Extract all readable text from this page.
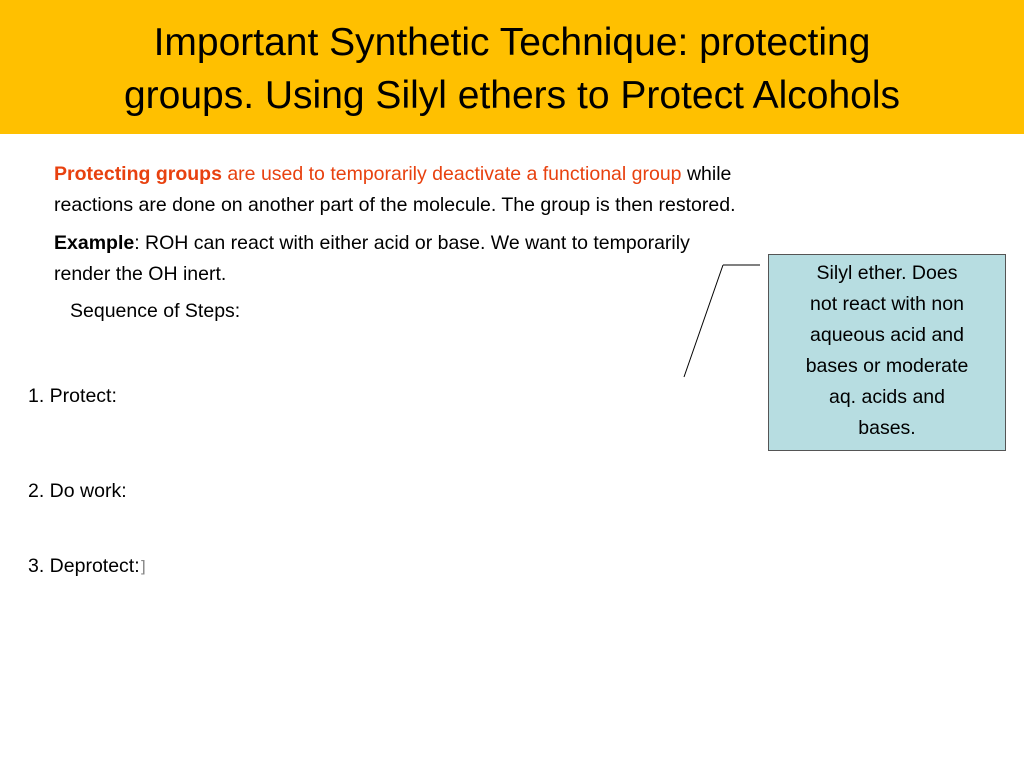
Important Synthetic Technique: protecting
groups. Using Silyl ethers to Protect Alcohols
Protecting groups are used to temporarily deactivate a functional group while
reactions are done on another part of the molecule. The group is then restored.
Example: ROH can react with either acid or base. We want to temporarily
render the OH inert.
Sequence of Steps:
1. Protect:
2. Do work:
3. Deprotect:]
Silyl ether. Does
not react with non
aqueous acid and
bases or moderate
aq. acids and
bases.
